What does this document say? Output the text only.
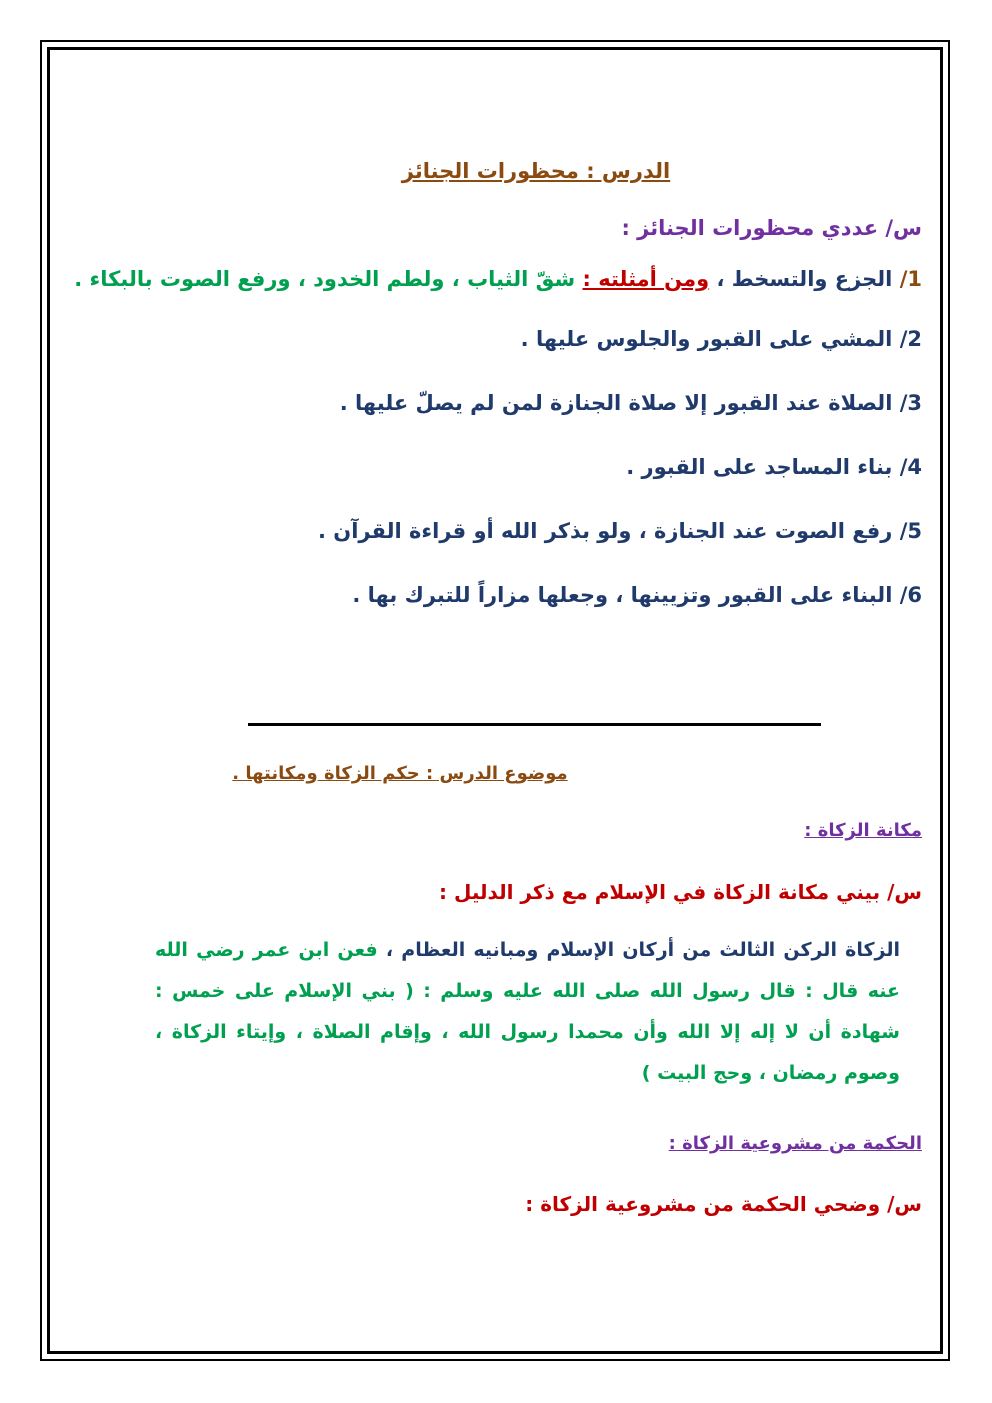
الدرس : محظورات الجنائز
س/ عددي محظورات الجنائز :
1/ الجزع والتسخط ، ومن أمثلته : شقّ الثياب ، ولطم الخدود ، ورفع الصوت بالبكاء .
2/ المشي على القبور والجلوس عليها .
3/ الصلاة عند القبور إلا صلاة الجنازة لمن لم يصلّ عليها .
4/ بناء المساجد على القبور .
5/ رفع الصوت عند الجنازة ، ولو بذكر الله أو قراءة القرآن .
6/ البناء على القبور وتزيينها ، وجعلها مزاراً للتبرك بها .
موضوع الدرس : حكم الزكاة ومكانتها .
مكانة الزكاة :
س/ بيني مكانة الزكاة في الإسلام مع ذكر الدليل :
الزكاة الركن الثالث من أركان الإسلام ومبانيه العظام ، فعن ابن عمر رضي الله عنه قال : قال رسول الله صلى الله عليه وسلم : ( بني الإسلام على خمس : شهادة أن لا إله إلا الله وأن محمدا رسول الله ، وإقام الصلاة ، وإيتاء الزكاة ، وصوم رمضان ، وحج البيت )
الحكمة من مشروعية الزكاة :
س/ وضحي الحكمة من مشروعية الزكاة :
